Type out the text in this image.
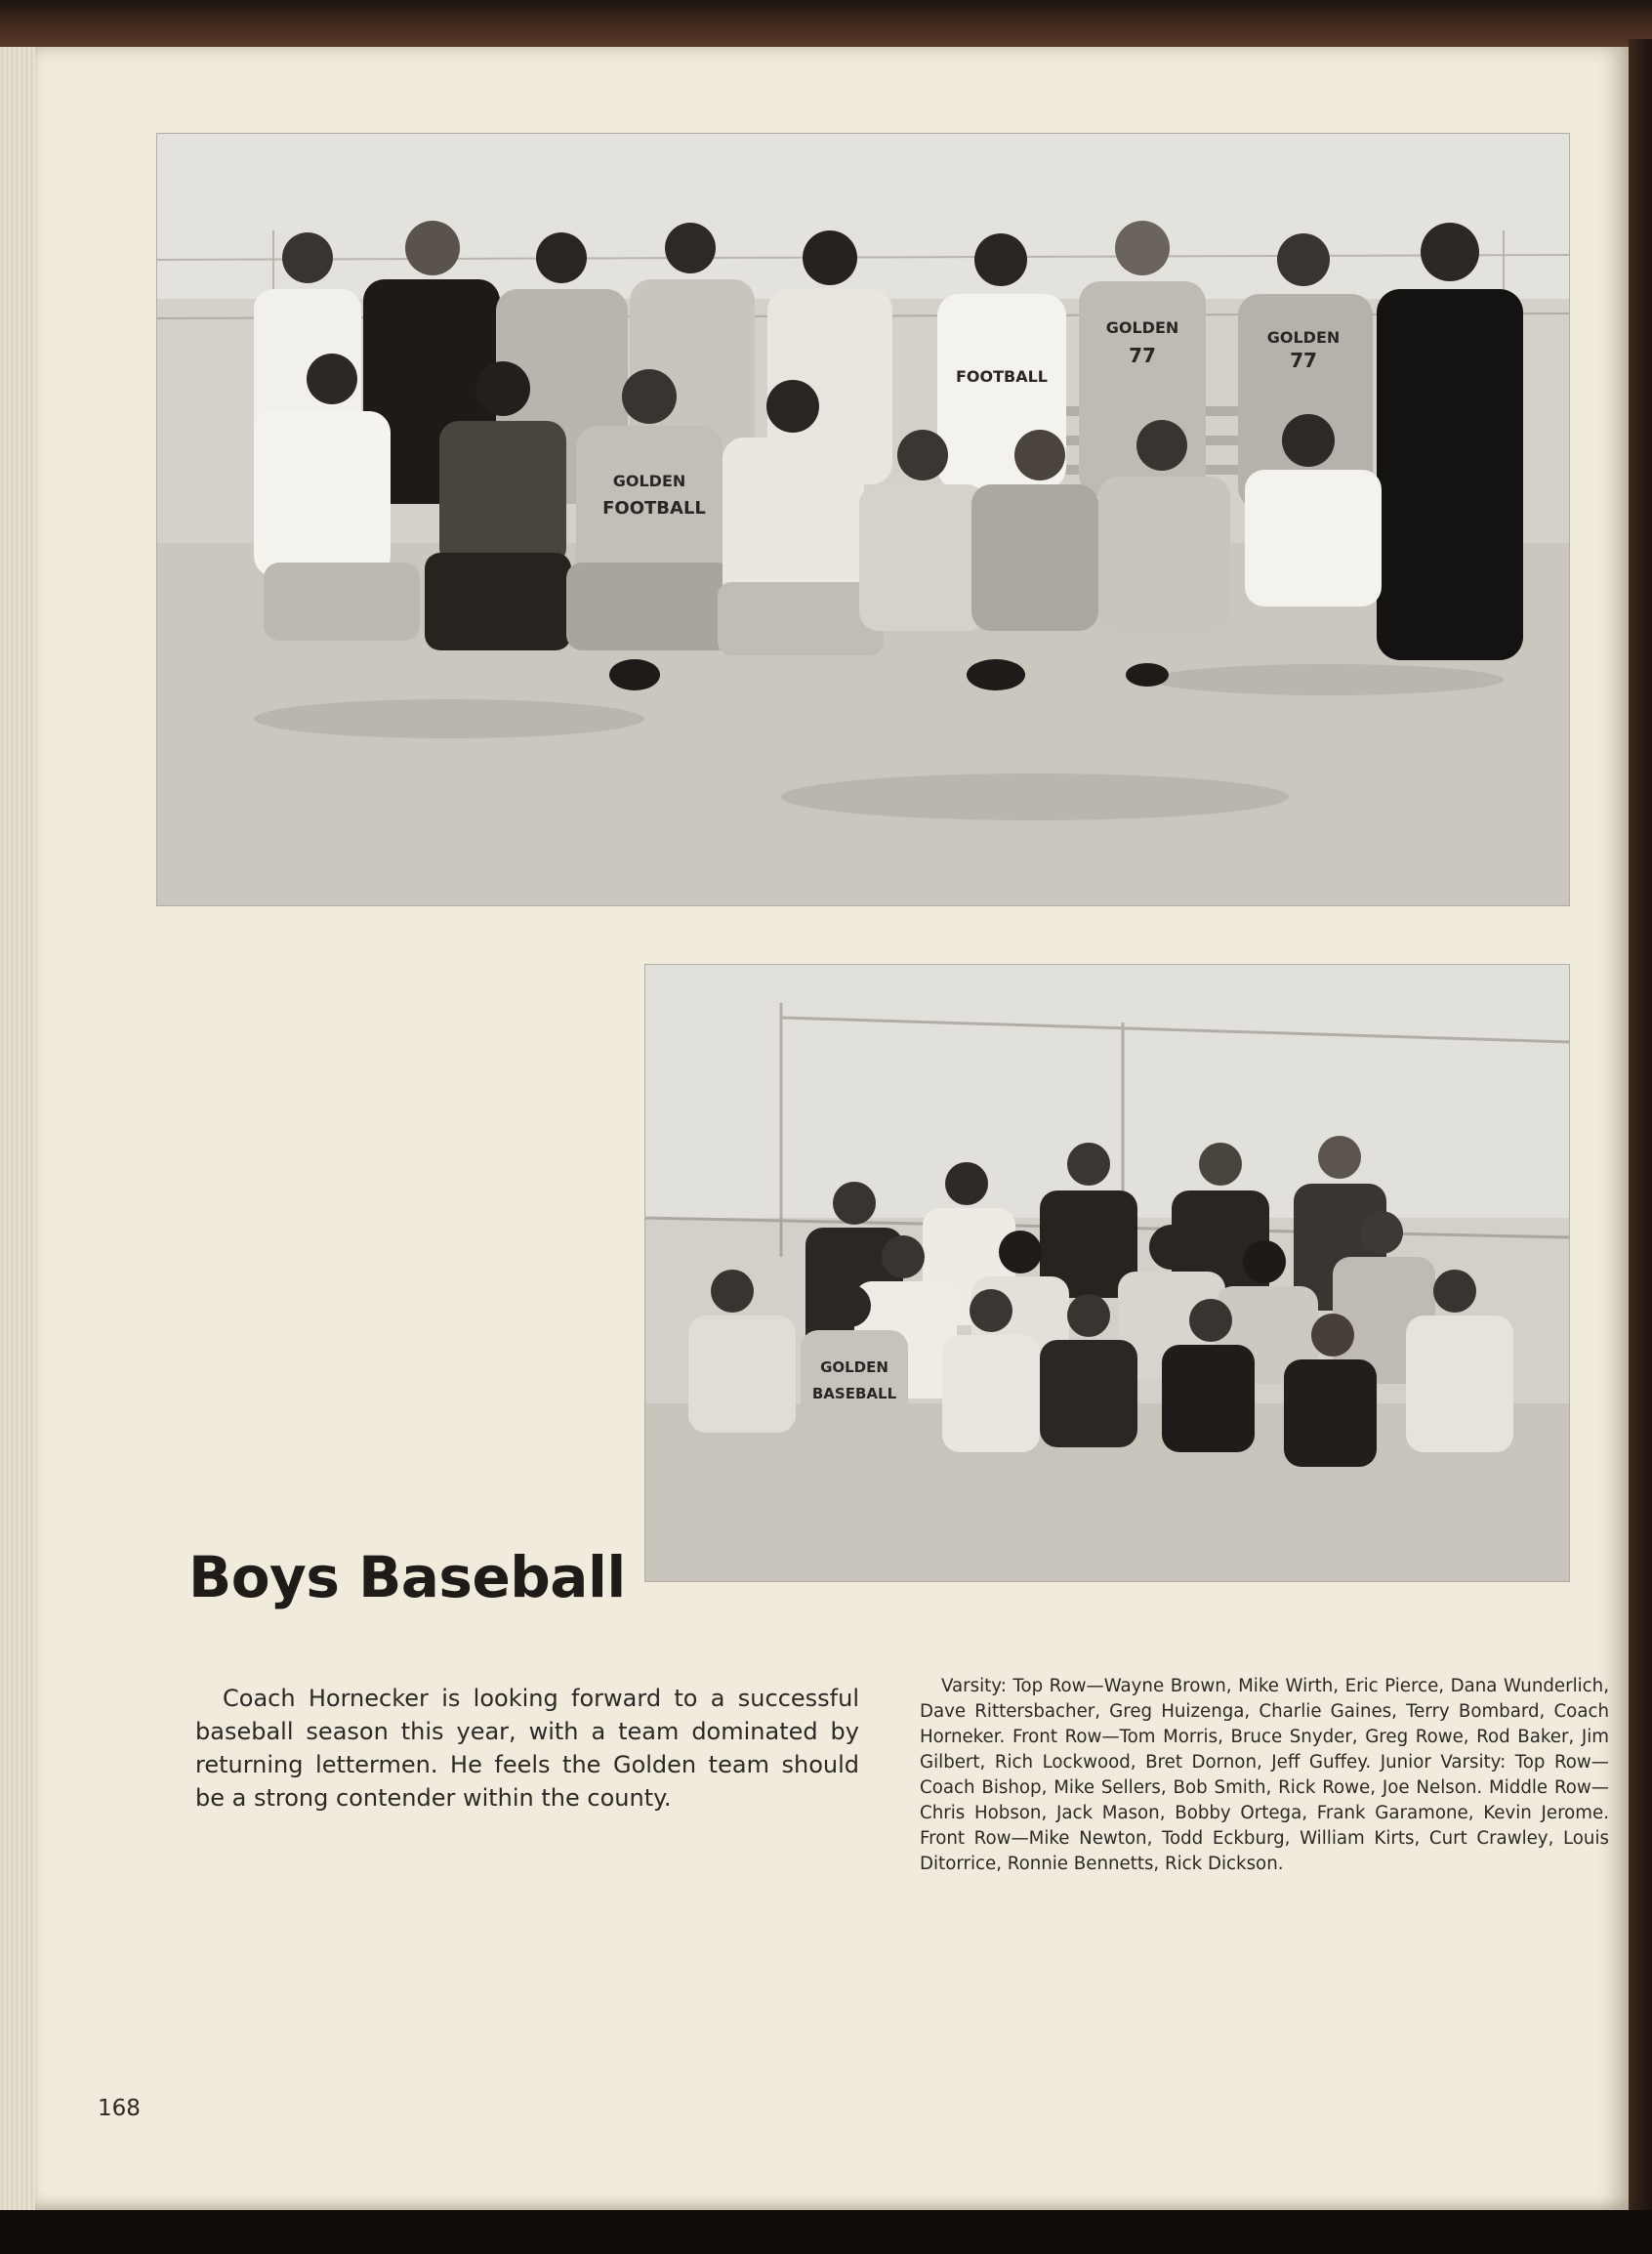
FOOTBALL
GOLDEN
77
GOLDEN
77
FOOTBALL
GOLDEN
GOLDEN
BASEBALL
Boys Baseball
Coach Hornecker is looking forward to a successful baseball season this year, with a team dominated by returning lettermen. He feels the Golden team should be a strong contender within the county.
Varsity: Top Row—Wayne Brown, Mike Wirth, Eric Pierce, Dana Wunderlich, Dave Rittersbacher, Greg Huizenga, Charlie Gaines, Terry Bombard, Coach Horneker. Front Row—Tom Morris, Bruce Snyder, Greg Rowe, Rod Baker, Jim Gilbert, Rich Lockwood, Bret Dornon, Jeff Guffey. Junior Varsity: Top Row—Coach Bishop, Mike Sellers, Bob Smith, Rick Rowe, Joe Nelson. Middle Row—Chris Hobson, Jack Mason, Bobby Ortega, Frank Garamone, Kevin Jerome. Front Row—Mike Newton, Todd Eckburg, William Kirts, Curt Crawley, Louis Ditorrice, Ronnie Bennetts, Rick Dickson.
168
